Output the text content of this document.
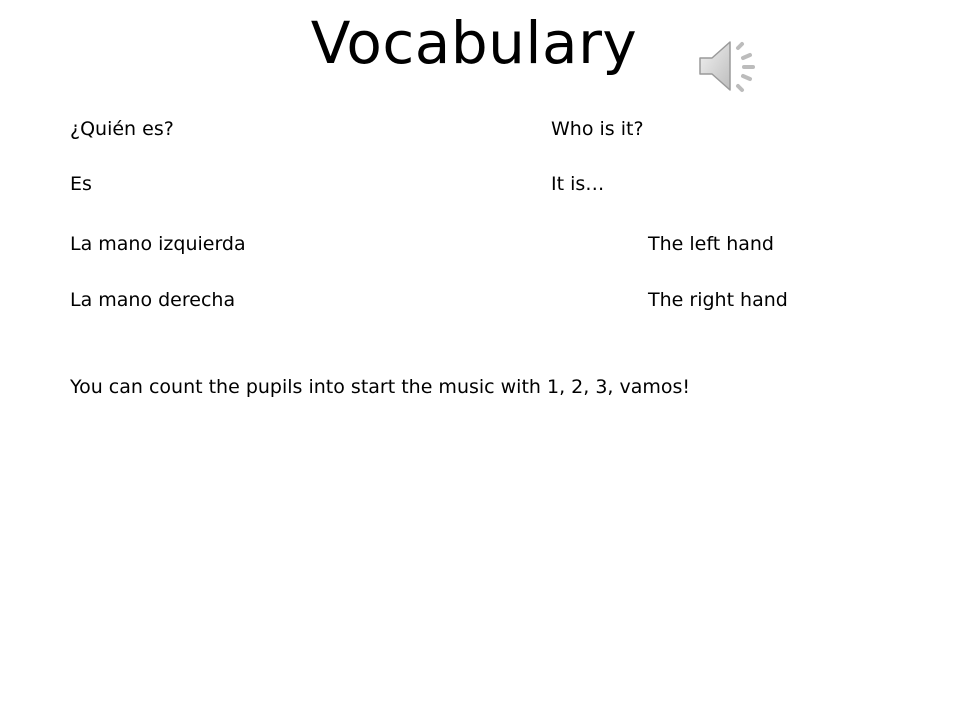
Vocabulary
¿Quién es?	Who is it?
Es	It is…
La mano izquierda	The left hand
La mano derecha	The right hand
You can count the pupils into start the music with 1, 2, 3, vamos!
